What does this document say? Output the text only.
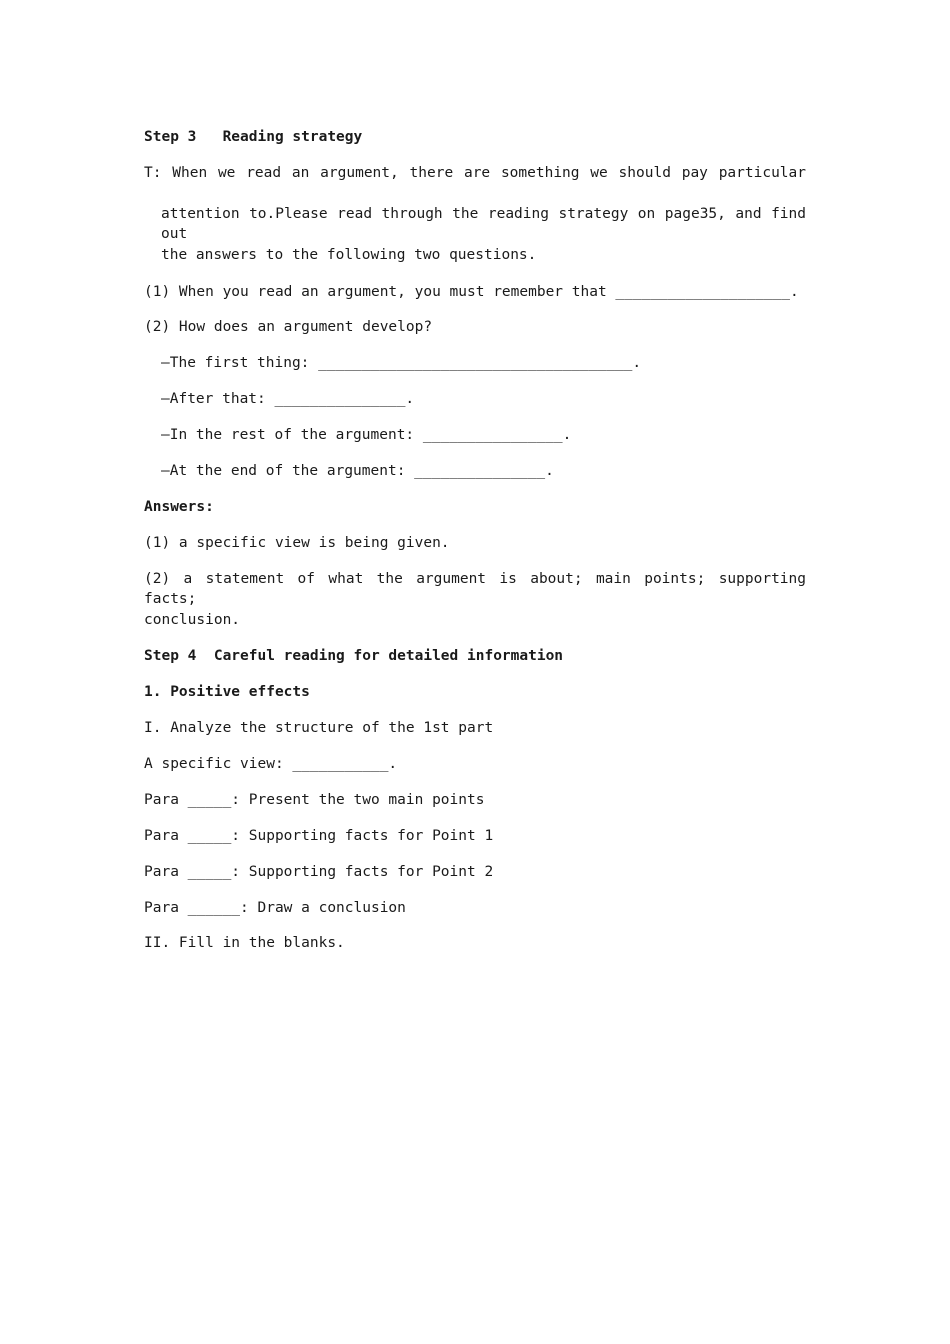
Step 3   Reading strategy
T: When we read an argument, there are something we should pay particular
attention to.Please read through the reading strategy on page35, and find out
the answers to the following two questions.
(1) When you read an argument, you must remember that ____________________.
(2) How does an argument develop?
—The first thing: ____________________________________.
—After that: _______________.
—In the rest of the argument: ________________.
—At the end of the argument: _______________.
Answers:
(1) a specific view is being given.
(2) a statement of what the argument is about; main points; supporting facts;
conclusion.
Step 4  Careful reading for detailed information
1. Positive effects
I. Analyze the structure of the 1st part
A specific view: ___________.
Para _____: Present the two main points
Para _____: Supporting facts for Point 1
Para _____: Supporting facts for Point 2
Para ______: Draw a conclusion
II. Fill in the blanks.
